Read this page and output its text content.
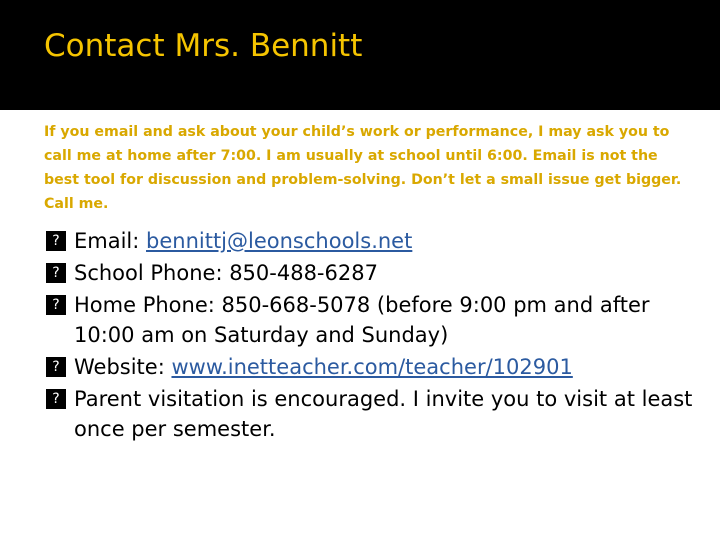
Contact Mrs. Bennitt

If you email and ask about your child’s work or performance, I may ask you to call me at home after 7:00. I am usually at school until 6:00. Email is not the best tool for discussion and problem-solving. Don’t let a small issue get bigger. Call me.

? Email: bennittj@leonschools.net
? School Phone: 850-488-6287
? Home Phone: 850-668-5078 (before 9:00 pm and after 10:00 am on Saturday and Sunday)
? Website: www.inetteacher.com/teacher/102901
? Parent visitation is encouraged. I invite you to visit at least once per semester.
